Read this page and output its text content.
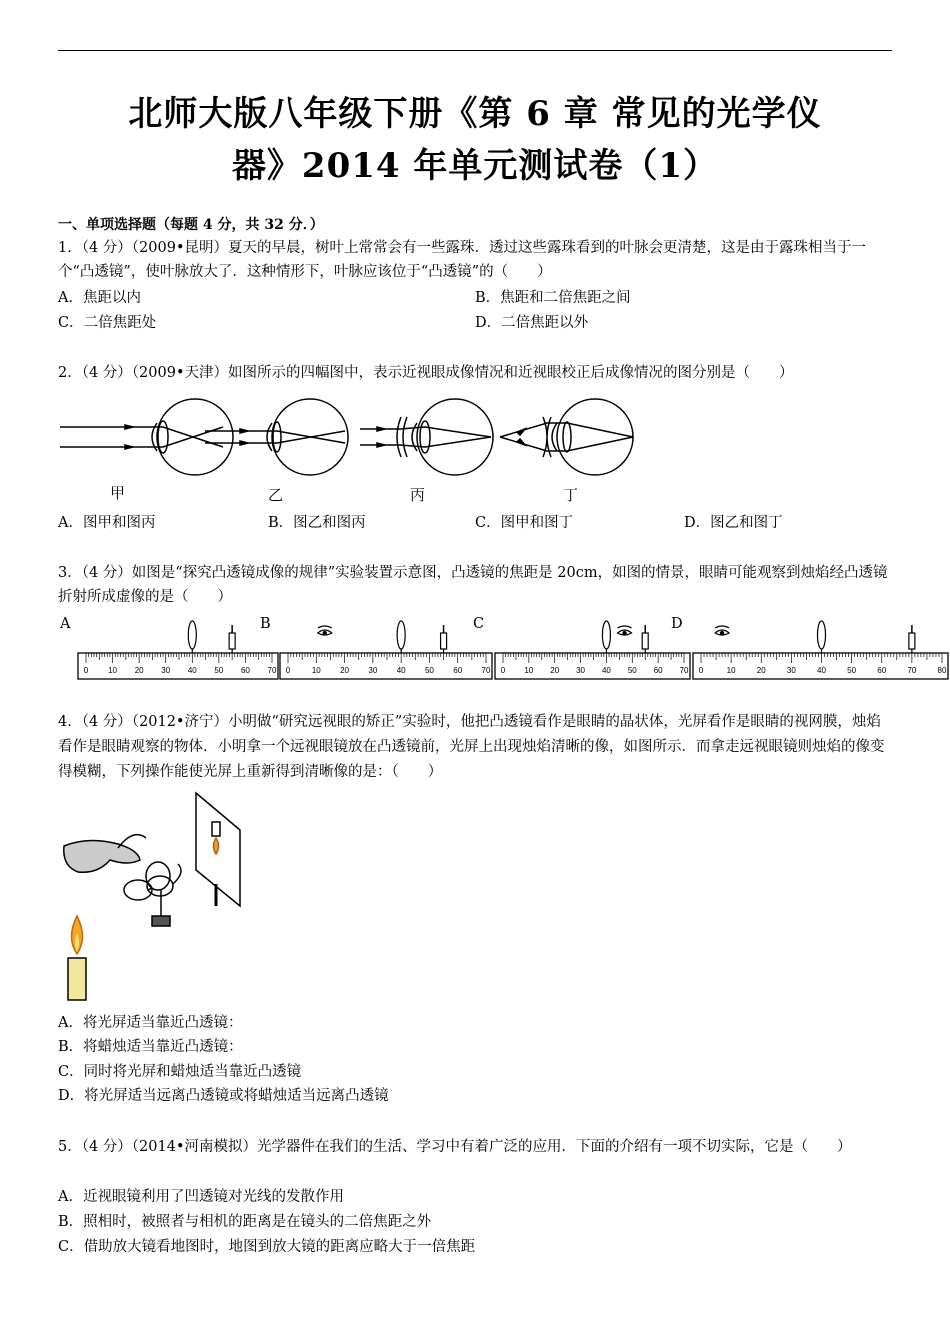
北师大版八年级下册《第 6 章 常见的光学仪
器》2014 年单元测试卷（1）
一、单项选择题（每题 4 分，共 32 分．）
1．（4 分）（2009•昆明）夏天的早晨，树叶上常常会有一些露珠．透过这些露珠看到的叶脉会更清楚，这是由于露珠相当于一个“凸透镜”，使叶脉放大了．这种情形下，叶脉应该位于“凸透镜”的（　　）
A．焦距以内	B．焦距和二倍焦距之间
C．二倍焦距处	D．二倍焦距以外
2．（4 分）（2009•天津）如图所示的四幅图中，表示近视眼成像情况和近视眼校正后成像情况的图分别是（　　）
甲	乙	丙	丁
A．图甲和图丙	B．图乙和图丙	C．图甲和图丁	D．图乙和图丁
3．（4 分）如图是“探究凸透镜成像的规律”实验装置示意图，凸透镜的焦距是 20cm，如图的情景，眼睛可能观察到烛焰经凸透镜折射所成虚像的是（　　）
A	B	C	D
0 10 20 30 40 50 60 70 0	10 20 30 40 50 60 70 0 10 20 30 40 50 60 70 0	10	20	30	40	50	60	70	80
4．（4 分）（2012•济宁）小明做“研究远视眼的矫正”实验时，他把凸透镜看作是眼睛的晶状体，光屏看作是眼睛的视网膜，烛焰看作是眼睛观察的物体．小明拿一个远视眼镜放在凸透镜前，光屏上出现烛焰清晰的像，如图所示．而拿走远视眼镜则烛焰的像变得模糊，下列操作能使光屏上重新得到清晰像的是：（　　）
A．将光屏适当靠近凸透镜：
B．将蜡烛适当靠近凸透镜：
C．同时将光屏和蜡烛适当靠近凸透镜
D．将光屏适当远离凸透镜或将蜡烛适当远离凸透镜
5．（4 分）（2014•河南模拟）光学器件在我们的生活、学习中有着广泛的应用．下面的介绍有一项不切实际，它是（　　）
A．近视眼镜利用了凹透镜对光线的发散作用
B．照相时，被照者与相机的距离是在镜头的二倍焦距之外
C．借助放大镜看地图时，地图到放大镜的距离应略大于一倍焦距
